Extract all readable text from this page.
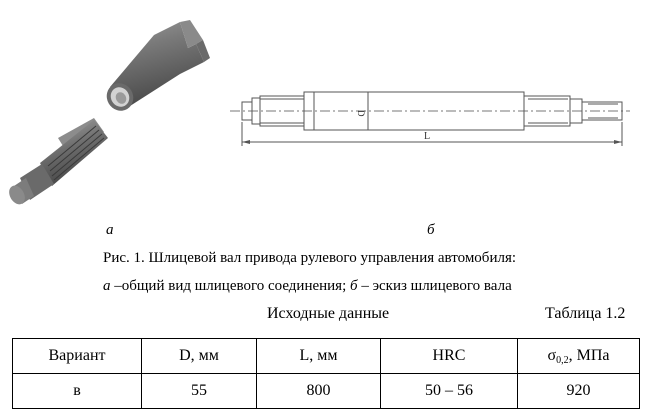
а
D
L
б
Рис. 1. Шлицевой вал привода рулевого управления автомобиля:
а –общий вид шлицевого соединения; б – эскиз шлицевого вала
Исходные данные	Таблица 1.2
Вариант	D, мм	L, мм	HRC	$\sigma_{0,2}$, МПа
в	55	800	50 – 56	920
